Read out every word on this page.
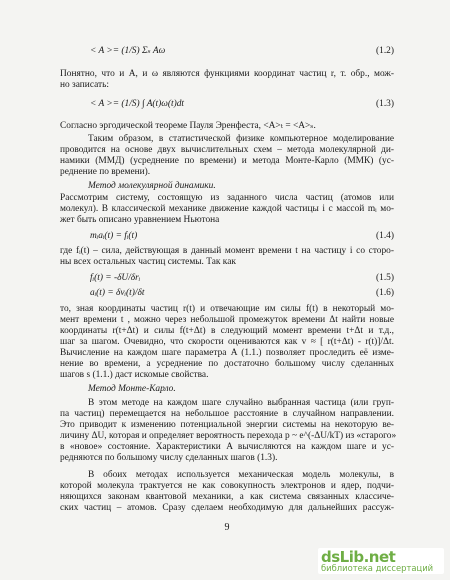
< A >= (1/S) Σₛ Aω	(1.2)
Понятно, что и A, и ω являются функциями координат частиц r, т. обр., мож-
но записать:
< A >= (1/S) ∫ A(t)ω(t)dt	(1.3)
Согласно эргодической теореме Пауля Эренфеста, <A>ₜ = <A>ₛ.
Таким образом, в статистической физике компьютерное моделирование
проводится на основе двух вычислительных схем – метода молекулярной ди-
намики (ММД) (усреднение по времени) и метода Монте-Карло (ММК) (ус-
реднение по времени).
Метод молекулярной динамики.
Рассмотрим систему, состоящую из заданного числа частиц (атомов или
молекул). В классической механике движение каждой частицы i с массой mᵢ мо-
жет быть описано уравнением Ньютона
mᵢaᵢ(t) = fᵢ(t)	(1.4)
где fᵢ(t) – сила, действующая в данный момент времени t на частицу i со сторо-
ны всех остальных частиц системы. Так как
fᵢ(t) = -δU/δrᵢ	(1.5)
aᵢ(t) = δvᵢ(t)/δt	(1.6)
то, зная координаты частиц r(t) и отвечающие им силы f(t) в некоторый мо-
мент времени t , можно через небольшой промежуток времени Δt найти новые
координаты r(t+Δt) и силы f(t+Δt) в следующий момент времени t+Δt и т.д.,
шаг за шагом. Очевидно, что скорости оцениваются как v ≈ [ r(t+Δt) - r(t)]/Δt.
Вычисление на каждом шаге параметра A (1.1.) позволяет проследить её изме-
нение во времени, а усреднение по достаточно большому числу сделанных
шагов s (1.1.) даст искомые свойства.
Метод Монте-Карло.
В этом методе на каждом шаге случайно выбранная частица (или груп-
па частиц) перемещается на небольшое расстояние в случайном направлении.
Это приводит к изменению потенциальной энергии системы на некоторую ве-
личину ΔU, которая и определяет вероятность перехода p ~ e^(-ΔU/kT) из «старого»
в «новое» состояние. Характеристики A вычисляются на каждом шаге и ус-
редняются по большому числу сделанных шагов (1.3).
В обоих методах используется механическая модель молекулы, в
которой молекула трактуется не как совокупность электронов и ядер, подчи-
няющихся законам квантовой механики, а как система связанных классиче-
ских частиц – атомов. Сразу сделаем необходимую для дальнейших рассуж-
9
dsLib.net
библиотека диссертаций
